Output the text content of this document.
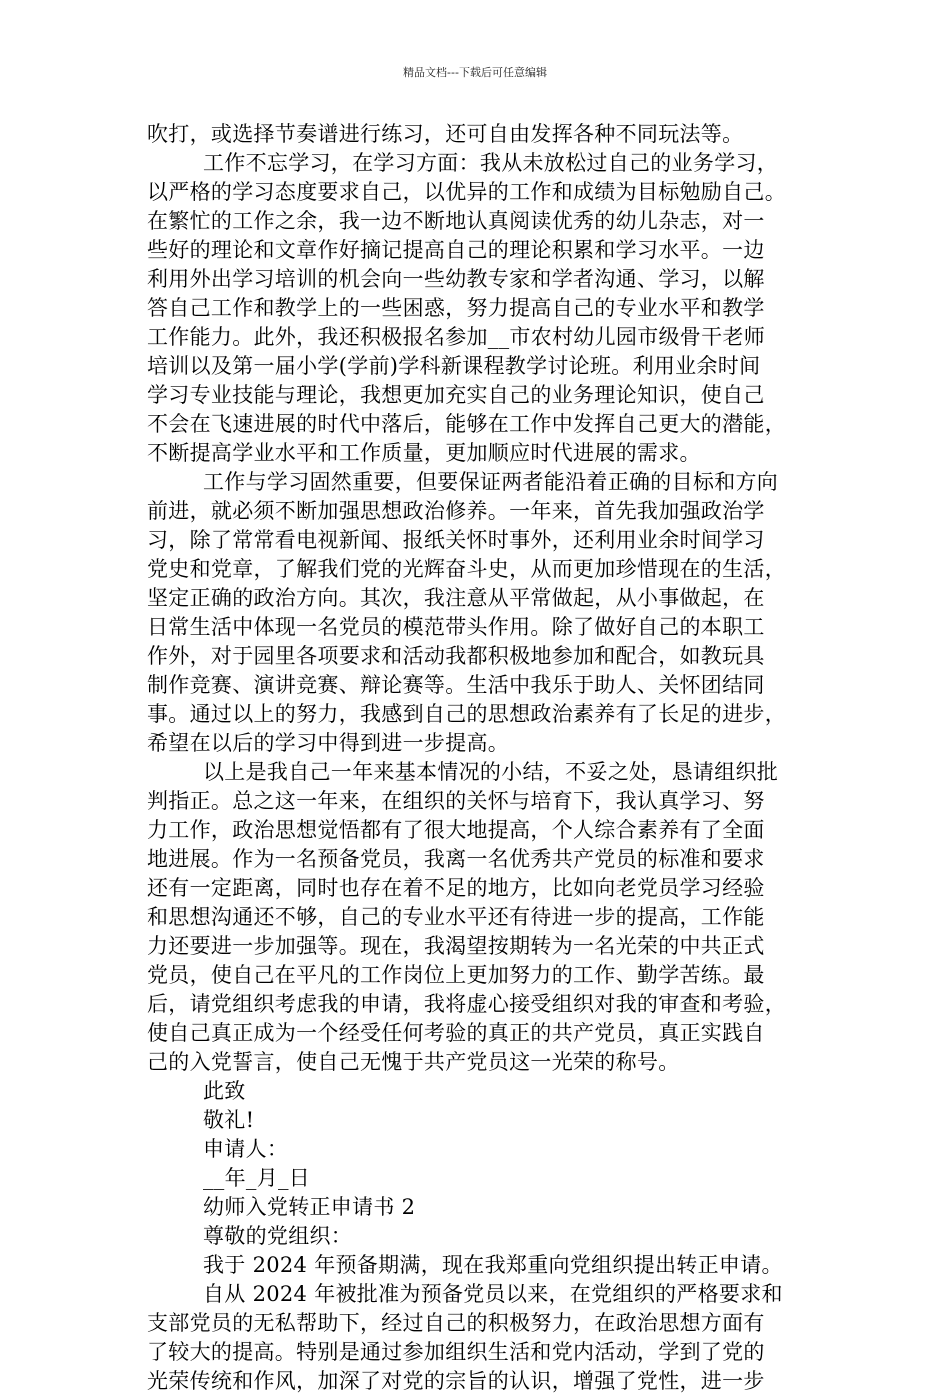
精品文档---下载后可任意编辑
吹打，或选择节奏谱进行练习，还可自由发挥各种不同玩法等。
工作不忘学习，在学习方面：我从未放松过自己的业务学习，
以严格的学习态度要求自己，以优异的工作和成绩为目标勉励自己。
在繁忙的工作之余，我一边不断地认真阅读优秀的幼儿杂志，对一
些好的理论和文章作好摘记提高自己的理论积累和学习水平。一边
利用外出学习培训的机会向一些幼教专家和学者沟通、学习，以解
答自己工作和教学上的一些困惑，努力提高自己的专业水平和教学
工作能力。此外，我还积极报名参加__市农村幼儿园市级骨干老师
培训以及第一届小学(学前)学科新课程教学讨论班。利用业余时间
学习专业技能与理论，我想更加充实自己的业务理论知识，使自己
不会在飞速进展的时代中落后，能够在工作中发挥自己更大的潜能，
不断提高学业水平和工作质量，更加顺应时代进展的需求。
工作与学习固然重要，但要保证两者能沿着正确的目标和方向
前进，就必须不断加强思想政治修养。一年来，首先我加强政治学
习，除了常常看电视新闻、报纸关怀时事外，还利用业余时间学习
党史和党章，了解我们党的光辉奋斗史，从而更加珍惜现在的生活，
坚定正确的政治方向。其次，我注意从平常做起，从小事做起，在
日常生活中体现一名党员的模范带头作用。除了做好自己的本职工
作外，对于园里各项要求和活动我都积极地参加和配合，如教玩具
制作竞赛、演讲竞赛、辩论赛等。生活中我乐于助人、关怀团结同
事。通过以上的努力，我感到自己的思想政治素养有了长足的进步，
希望在以后的学习中得到进一步提高。
以上是我自己一年来基本情况的小结，不妥之处，恳请组织批
判指正。总之这一年来，在组织的关怀与培育下，我认真学习、努
力工作，政治思想觉悟都有了很大地提高，个人综合素养有了全面
地进展。作为一名预备党员，我离一名优秀共产党员的标准和要求
还有一定距离，同时也存在着不足的地方，比如向老党员学习经验
和思想沟通还不够，自己的专业水平还有待进一步的提高，工作能
力还要进一步加强等。现在，我渴望按期转为一名光荣的中共正式
党员，使自己在平凡的工作岗位上更加努力的工作、勤学苦练。最
后，请党组织考虑我的申请，我将虚心接受组织对我的审查和考验，
使自己真正成为一个经受任何考验的真正的共产党员，真正实践自
己的入党誓言，使自己无愧于共产党员这一光荣的称号。
此致
敬礼!
申请人：
__年_月_日
幼师入党转正申请书 2
尊敬的党组织：
我于 2024 年预备期满，现在我郑重向党组织提出转正申请。
自从 2024 年被批准为预备党员以来，在党组织的严格要求和
支部党员的无私帮助下，经过自己的积极努力，在政治思想方面有
了较大的提高。特别是通过参加组织生活和党内活动，学到了党的
光荣传统和作风，加深了对党的宗旨的认识，增强了党性，进一步
